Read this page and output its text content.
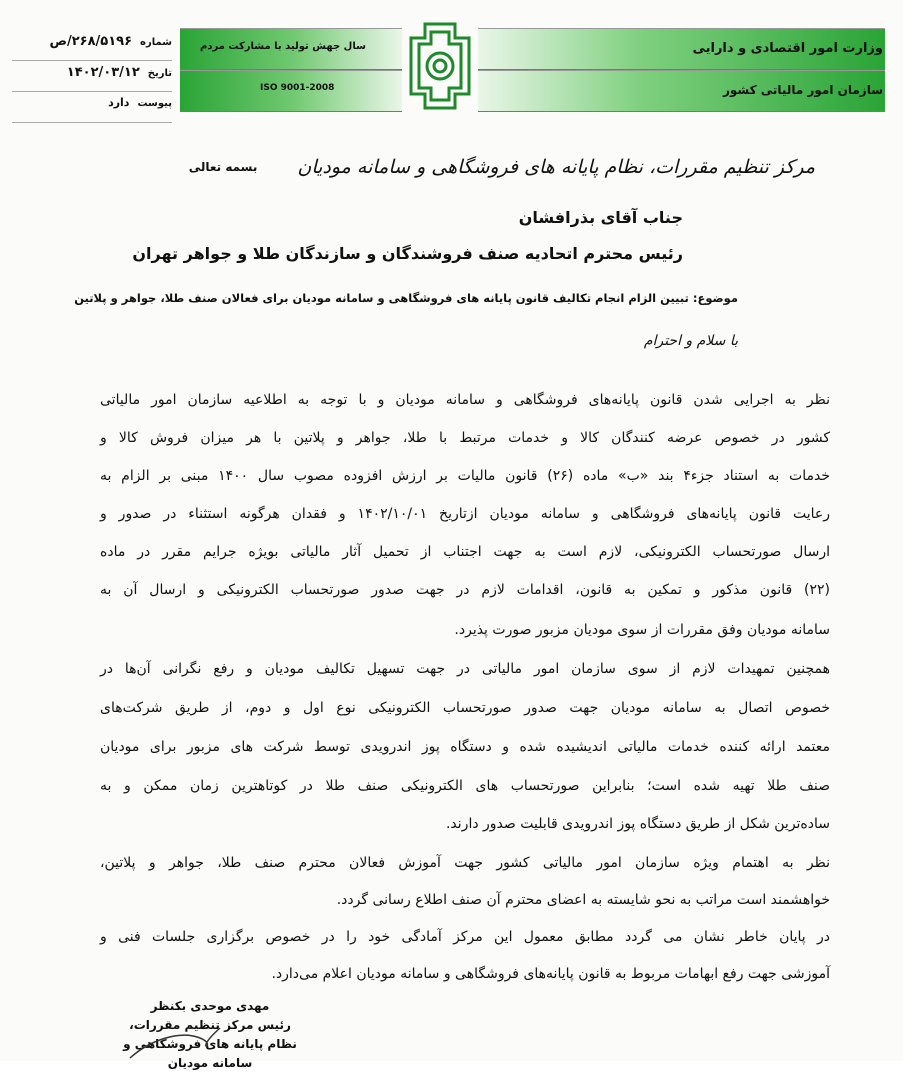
وزارت امور اقتصادی و دارایی
سازمان امور مالیاتی کشور
سال جهش تولید با مشارکت مردم
ISO 9001-2008
شماره
۲۶۸/۵۱۹۶/ص
تاریخ
۱۴۰۲/۰۳/۱۲
پیوست
دارد
مرکز تنظیم مقررات، نظام پایانه های فروشگاهی و سامانه مودیان
بسمه تعالی
جناب آقای بذرافشان
رئیس محترم اتحادیه صنف فروشندگان و سازندگان طلا و جواهر تهران
موضوع: تبیین الزام انجام تکالیف قانون پایانه های فروشگاهی و سامانه مودیان برای فعالان صنف طلا، جواهر و پلاتین
با سلام و احترام
نظر به اجرایی شدن قانون پایانه‌های فروشگاهی و سامانه مودیان و با توجه به اطلاعیه سازمان امور مالیاتی
کشور در خصوص عرضه کنندگان کالا و خدمات مرتبط با طلا، جواهر و پلاتین با هر میزان فروش کالا و
خدمات به استناد جزء۴ بند «ب» ماده (۲۶) قانون مالیات بر ارزش افزوده مصوب سال ۱۴۰۰ مبنی بر الزام به
رعایت قانون پایانه‌های فروشگاهی و سامانه مودیان ازتاریخ ۱۴۰۲/۱۰/۰۱ و فقدان هرگونه استثناء در صدور و
ارسال صورتحساب الکترونیکی، لازم است به جهت اجتناب از تحمیل آثار مالیاتی بویژه جرایم مقرر در ماده
(۲۲) قانون مذکور و تمکین به قانون، اقدامات لازم در جهت صدور صورتحساب الکترونیکی و ارسال آن به
سامانه مودیان وفق مقررات از سوی مودیان مزبور صورت پذیرد.
همچنین تمهیدات لازم از سوی سازمان امور مالیاتی در جهت تسهیل تکالیف مودیان و رفع نگرانی آن‌ها در
خصوص اتصال به سامانه مودیان جهت صدور صورتحساب الکترونیکی نوع اول و دوم، از طریق شرکت‌های
معتمد ارائه کننده خدمات مالیاتی اندیشیده شده و دستگاه پوز اندرویدی توسط شرکت های مزبور برای مودیان
صنف طلا تهیه شده است؛ بنابراین صورتحساب های الکترونیکی صنف طلا در کوتاهترین زمان ممکن و به
ساده‌ترین شکل از طریق دستگاه پوز اندرویدی قابلیت صدور دارند.
نظر به اهتمام ویژه سازمان امور مالیاتی کشور جهت آموزش فعالان محترم صنف طلا، جواهر و پلاتین،
خواهشمند است مراتب به نحو شایسته به اعضای محترم آن صنف اطلاع رسانی گردد.
در پایان خاطر نشان می گردد مطابق معمول این مرکز آمادگی خود را در خصوص برگزاری جلسات فنی و
آموزشی جهت رفع ابهامات مربوط به قانون پایانه‌های فروشگاهی و سامانه مودیان اعلام می‌دارد.
مهدی موحدی بکنظر
رئیس مرکز تنظیم مقررات،
نظام پایانه های فروشگاهی و سامانه مودیان
